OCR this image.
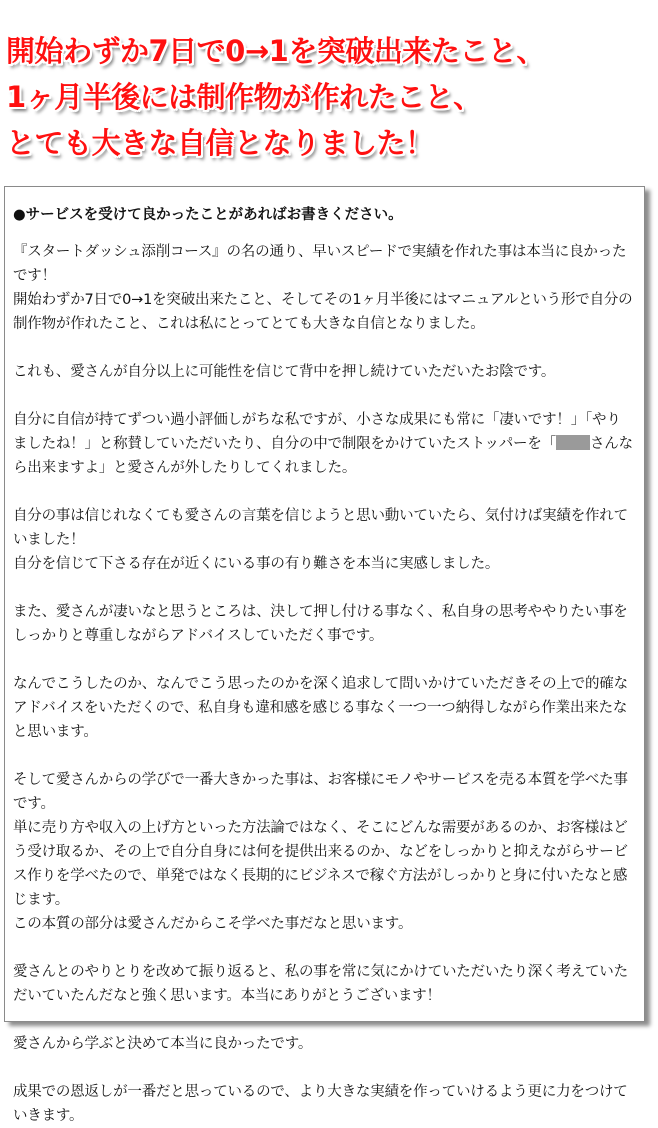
開始わずか7日で0→1を突破出来たこと、
1ヶ月半後には制作物が作れたこと、
とても大きな自信となりました！
●サービスを受けて良かったことがあればお書きください。
『スタートダッシュ添削コース』の名の通り、早いスピードで実績を作れた事は本当に良かったです！
開始わずか7日で0→1を突破出来たこと、そしてその1ヶ月半後にはマニュアルという形で自分の制作物が作れたこと、これは私にとってとても大きな自信となりました。
これも、愛さんが自分以上に可能性を信じて背中を押し続けていただいたお陰です。
自分に自信が持てずつい過小評価しがちな私ですが、小さな成果にも常に「凄いです！」「やりましたね！」と称賛していただいたり、自分の中で制限をかけていたストッパーを「 さんなら出来ますよ」と愛さんが外したりしてくれました。
自分の事は信じれなくても愛さんの言葉を信じようと思い動いていたら、気付けば実績を作れていました！
自分を信じて下さる存在が近くにいる事の有り難さを本当に実感しました。
また、愛さんが凄いなと思うところは、決して押し付ける事なく、私自身の思考ややりたい事をしっかりと尊重しながらアドバイスしていただく事です。
なんでこうしたのか、なんでこう思ったのかを深く追求して問いかけていただきその上で的確なアドバイスをいただくので、私自身も違和感を感じる事なく一つ一つ納得しながら作業出来たなと思います。
そして愛さんからの学びで一番大きかった事は、お客様にモノやサービスを売る本質を学べた事です。
単に売り方や収入の上げ方といった方法論ではなく、そこにどんな需要があるのか、お客様はどう受け取るか、その上で自分自身には何を提供出来るのか、などをしっかりと抑えながらサービス作りを学べたので、単発ではなく長期的にビジネスで稼ぐ方法がしっかりと身に付いたなと感じます。
この本質の部分は愛さんだからこそ学べた事だなと思います。
愛さんとのやりとりを改めて振り返ると、私の事を常に気にかけていただいたり深く考えていただいていたんだなと強く思います。本当にありがとうございます！
愛さんから学ぶと決めて本当に良かったです。
成果での恩返しが一番だと思っているので、より大きな実績を作っていけるよう更に力をつけていきます。
